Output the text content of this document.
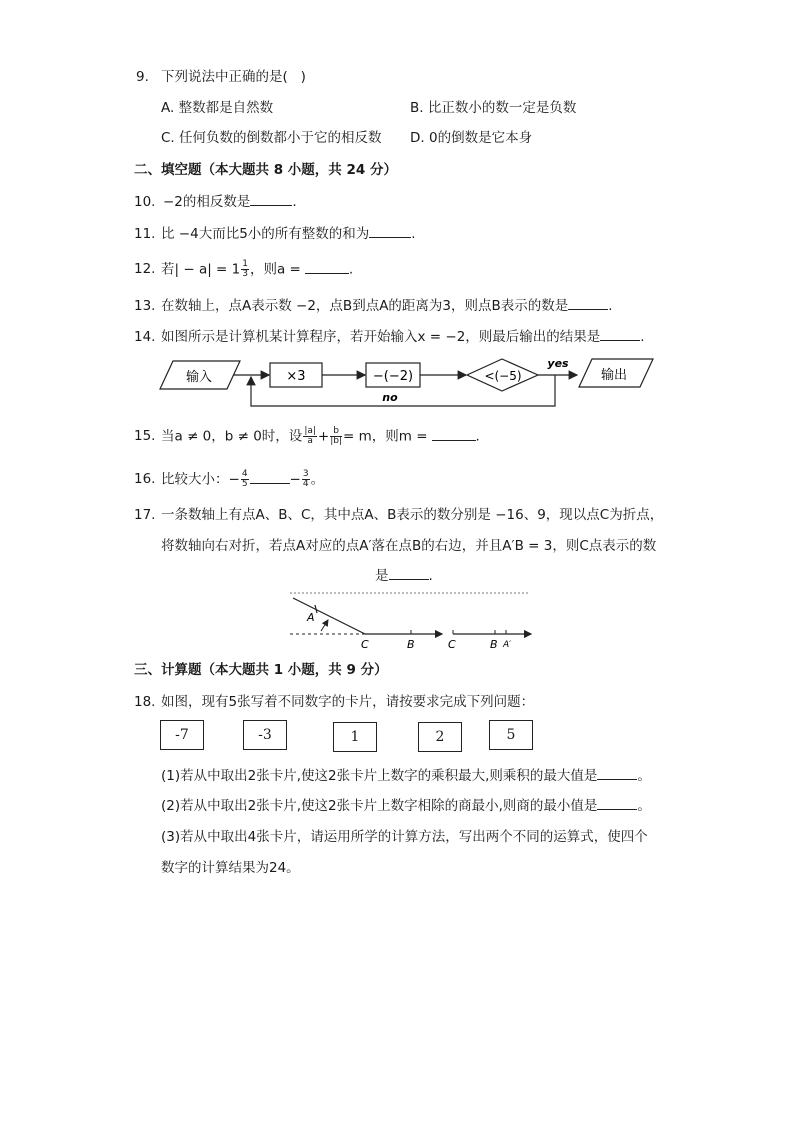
9. 下列说法中正确的是(   )
A. 整数都是自然数	B. 比正数小的数一定是负数
C. 任何负数的倒数都小于它的相反数 D. 0的倒数是它本身
二、填空题（本大题共 8 小题，共 24 分）
10. −2的相反数是	.
11. 比 −4大而比5小的所有整数的和为	.
12. 若| − $a| = 1 \frac{1}{3}$ ，则a =	.
13. 在数轴上，点A表示数 −2，点B到点A的距离为3，则点B表示的数是	.
14. 如图所示是计算机某计算程序，若开始输入x = −2，则最后输出的结果是	.
输入	×3	−(−2)	<(−5)
yes
输出
no
15. 当a ≠ 0，b ≠ 0时，设 $\frac{|a|}{a} + \frac{b}{|b|} = m$，则m =	.
16. 比较大小：− $\frac{4}{5}$	− $\frac{3}{4}$ 。
17. 一条数轴上有点A、B、C，其中点A、B表示的数分别是 −16、9，现以点C为折点，
将数轴向右对折，若点A对应的点A′落在点B的右边，并且A′B = 3，则C点表示的数
是	.
A
C	B	C	B A′
三、计算题（本大题共 1 小题，共 9 分）
18. 如图，现有5张写着不同数字的卡片，请按要求完成下列问题：
-7	-3	1	2	5
(1)若从中取出2张卡片,使这2张卡片上数字的乘积最大,则乘积的最大值是	。
(2)若从中取出2张卡片,使这2张卡片上数字相除的商最小,则商的最小值是	。
(3)若从中取出4张卡片，请运用所学的计算方法，写出两个不同的运算式，使四个
数字的计算结果为24。
